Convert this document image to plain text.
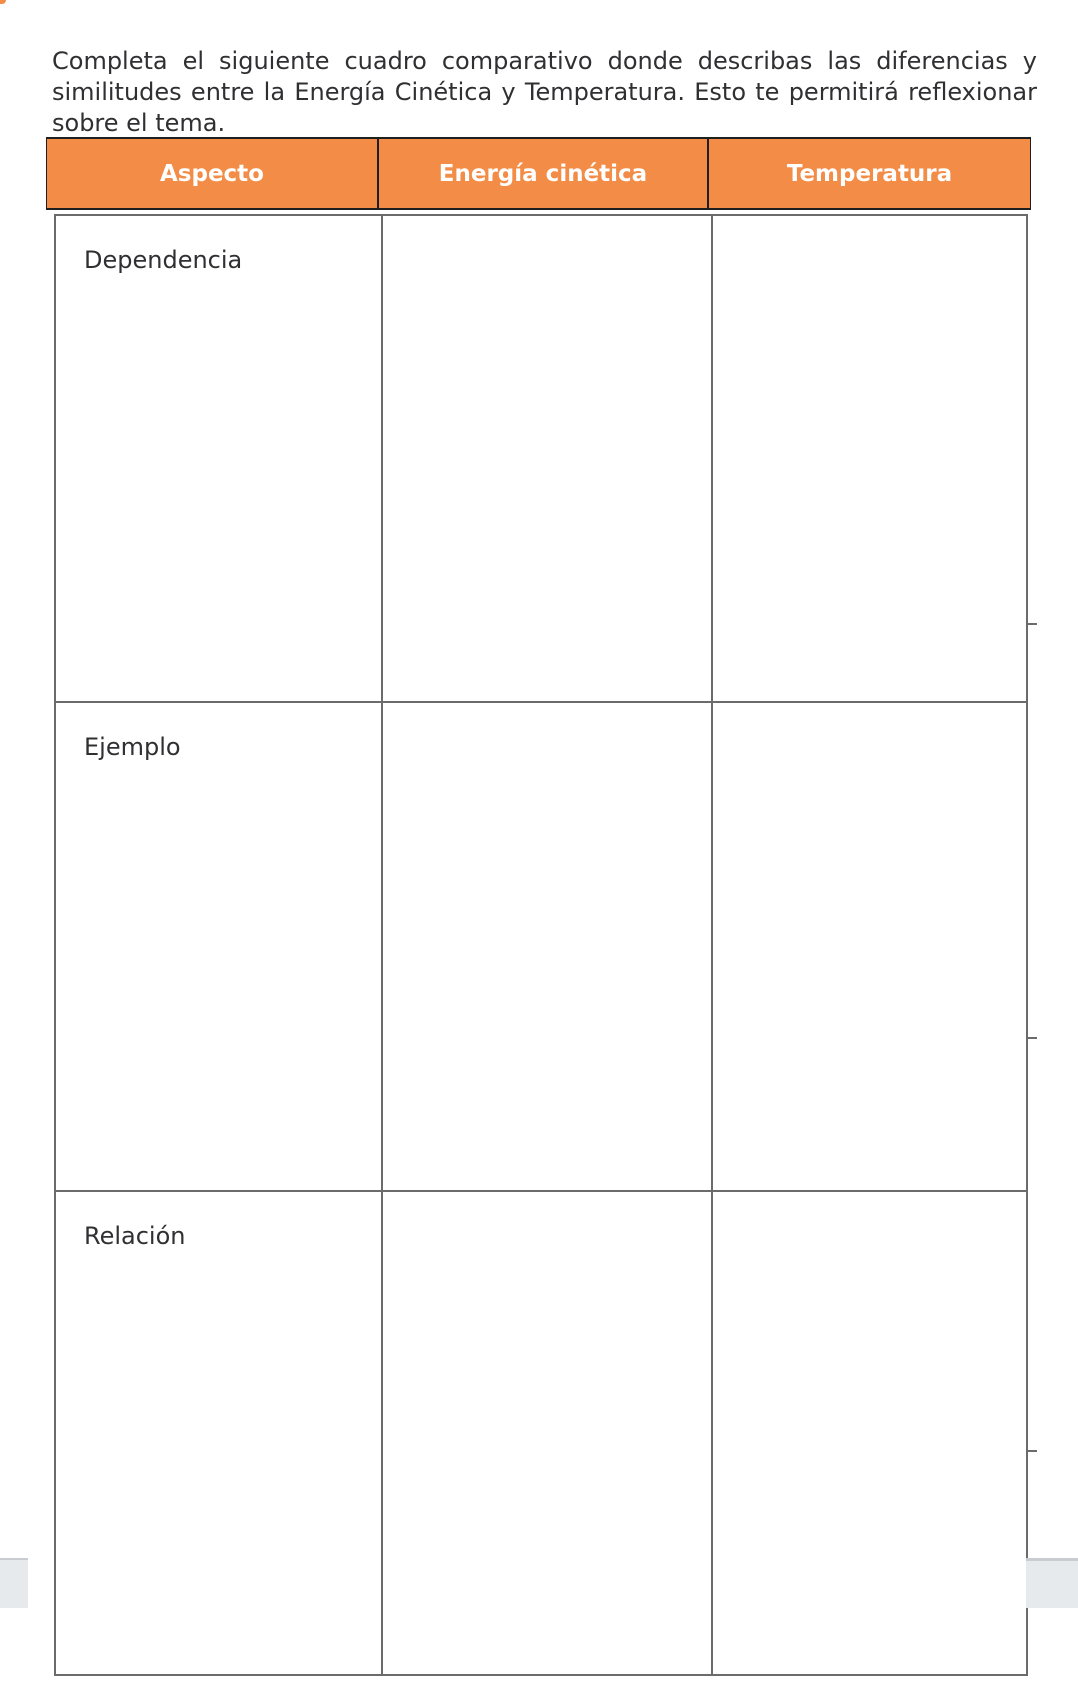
Completa el siguiente cuadro comparativo donde describas las diferencias y similitudes entre la Energía Cinética y Temperatura. Esto te permitirá reflexionar sobre el tema.

Aspecto	Energía cinética	Temperatura
Dependencia
Ejemplo
Relación
